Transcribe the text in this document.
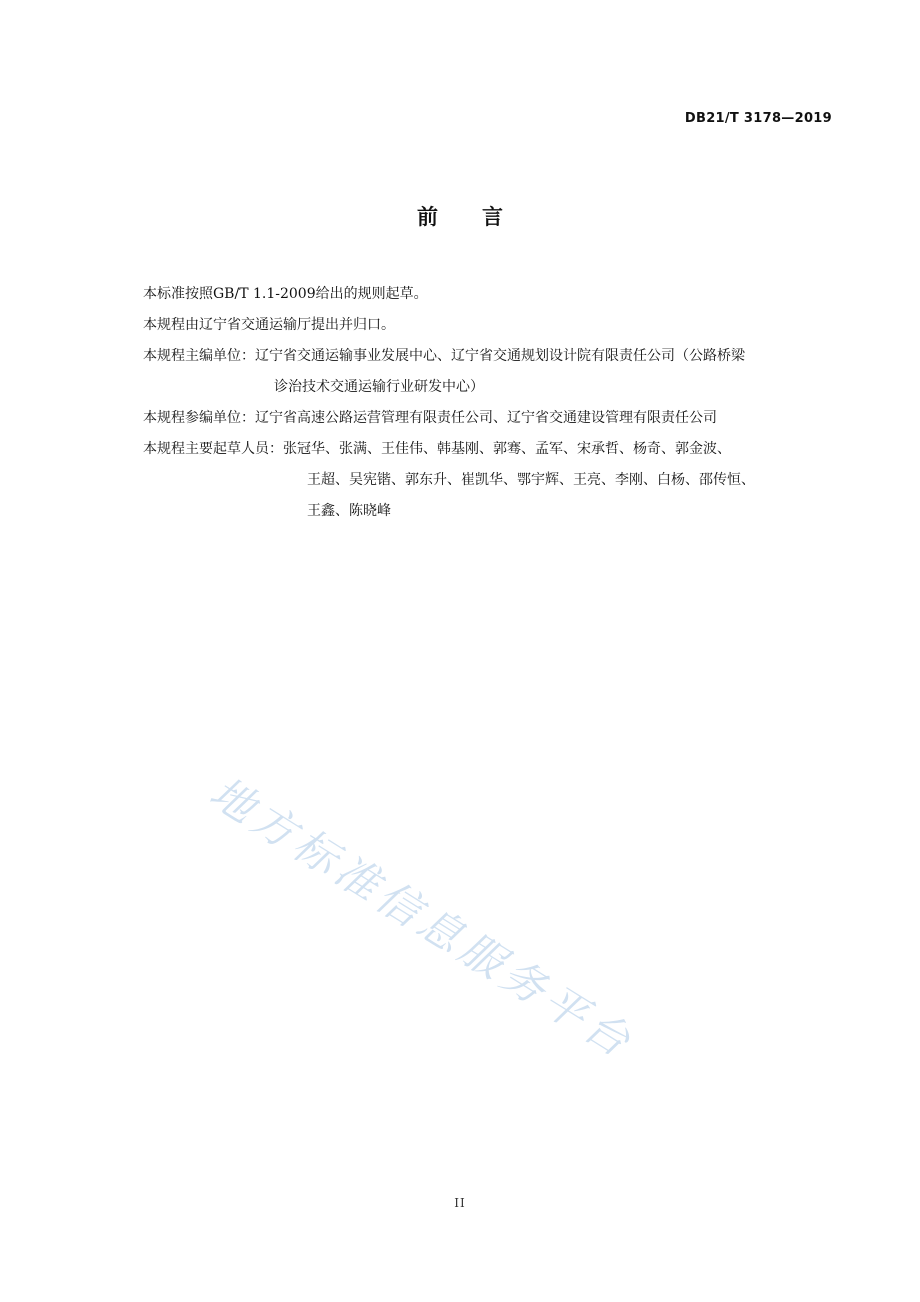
DB21/T 3178—2019
前 言
本标准按照GB/T 1.1-2009给出的规则起草。
本规程由辽宁省交通运输厅提出并归口。
本规程主编单位： 辽宁省交通运输事业发展中心、辽宁省交通规划设计院有限责任公司（公路桥梁
诊治技术交通运输行业研发中心）
本规程参编单位： 辽宁省高速公路运营管理有限责任公司、辽宁省交通建设管理有限责任公司
本规程主要起草人员： 张冠华、张满、王佳伟、韩基刚、郭骞、孟军、宋承哲、杨奇、郭金波、
王超、吴宪锴、郭东升、崔凯华、鄂宇辉、王亮、李刚、白杨、邵传恒、
王鑫、陈晓峰
地方标准信息服务平台
II
